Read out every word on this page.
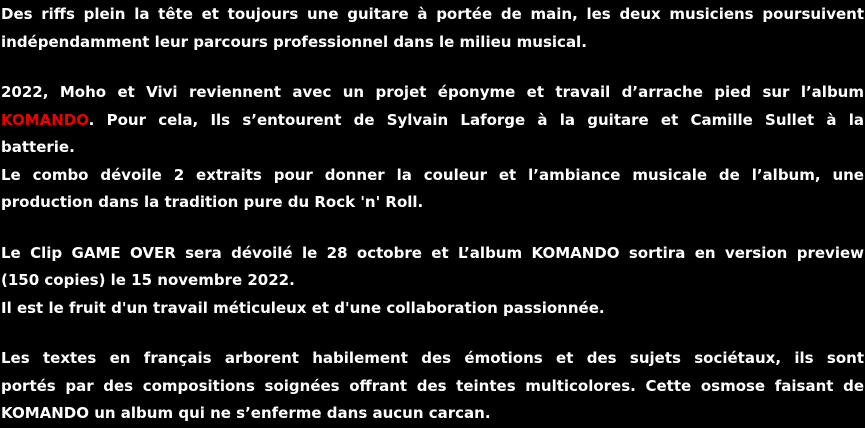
Des riffs plein la tête et toujours une guitare à portée de main, les deux musiciens poursuivent
indépendamment leur parcours professionnel dans le milieu musical.
2022, Moho et Vivi reviennent avec un projet éponyme et travail d’arrache pied sur l’album
KOMANDO. Pour cela, Ils s’entourent de Sylvain Laforge à la guitare et Camille Sullet à la
batterie.
Le combo dévoile 2 extraits pour donner la couleur et l’ambiance musicale de l’album, une
production dans la tradition pure du Rock 'n' Roll.
Le Clip GAME OVER sera dévoilé le 28 octobre et L’album KOMANDO sortira en version preview
(150 copies) le 15 novembre 2022.
Il est le fruit d'un travail méticuleux et d'une collaboration passionnée.
Les textes en français arborent habilement des émotions et des sujets sociétaux, ils sont
portés par des compositions soignées offrant des teintes multicolores. Cette osmose faisant de
KOMANDO un album qui ne s’enferme dans aucun carcan.
